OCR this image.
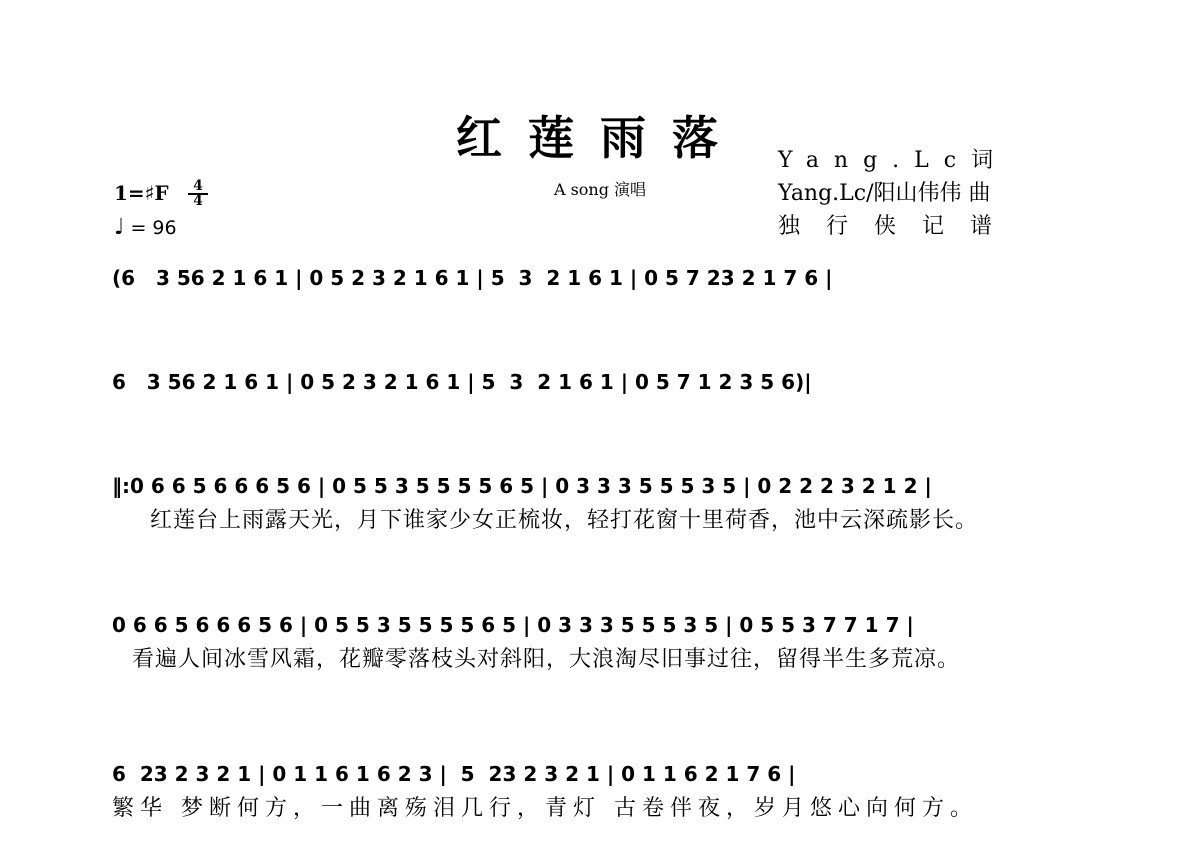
红莲雨落
A song 演唱
Yang.Lc词
Yang.Lc/阳山伟伟 曲
独行侠记谱
1=♯F	4
4
♩ = 96
(6   3 56 2 1 6 1 | 0 5 2 3 2 1 6 1 | 5  3  2 1 6 1 | 0 5 7 23 2 1 7 6 |
6   3 56 2 1 6 1 | 0 5 2 3 2 1 6 1 | 5  3  2 1 6 1 | 0 5 7 1 2 3 5 6)|
‖:0 6 6 5 6 6 6 5 6 | 0 5 5 3 5 5 5 5 6 5 | 0 3 3 3 5 5 5 3 5 | 0 2 2 2 3 2 1 2 |
红莲台上雨露天光，月下谁家少女正梳妆，轻打花窗十里荷香，池中云深疏影长。
0 6 6 5 6 6 6 5 6 | 0 5 5 3 5 5 5 5 6 5 | 0 3 3 3 5 5 5 3 5 | 0 5 5 3 7 7 1 7 |
看遍人间冰雪风霜，花瓣零落枝头对斜阳，大浪淘尽旧事过往，留得半生多荒凉。
6  23 2 3 2 1 | 0 1 1 6 1 6 2 3 |  5  23 2 3 2 1 | 0 1 1 6 2 1 7 6 |
繁华 梦断何方，一曲离殇泪几行，青灯 古卷伴夜，岁月悠心向何方。
